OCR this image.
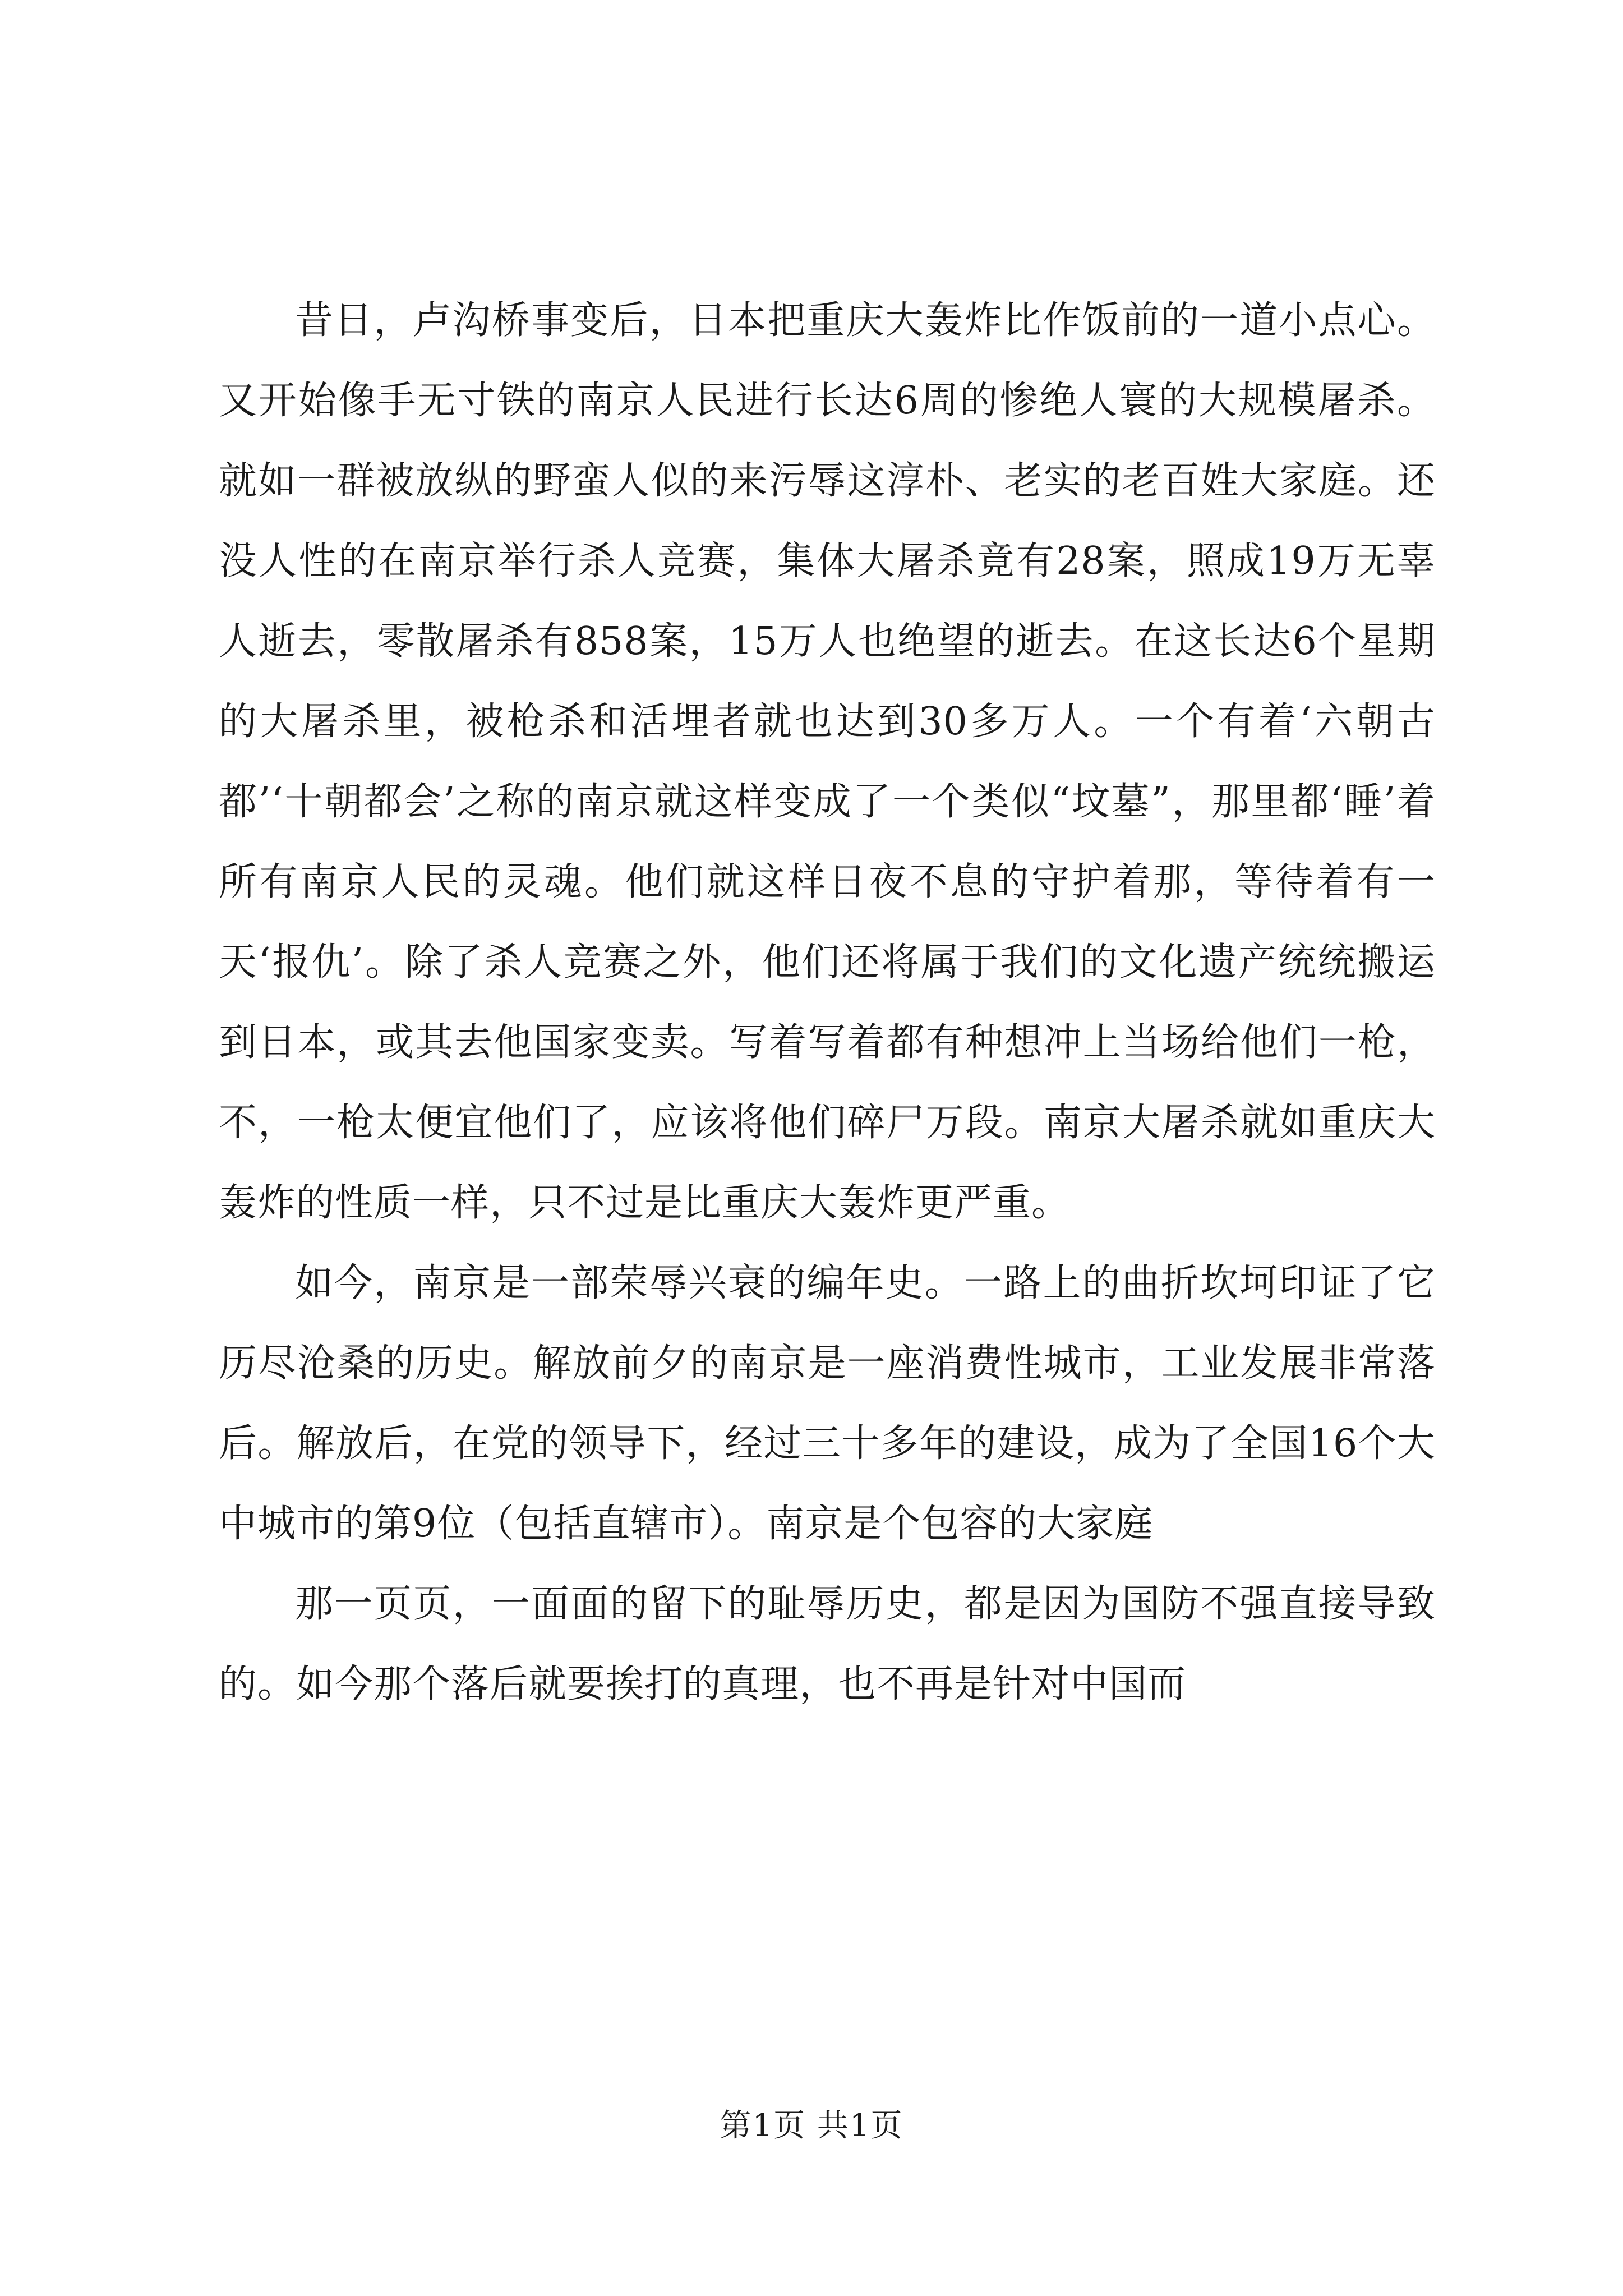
昔日，卢沟桥事变后，日本把重庆大轰炸比作饭前的一道小点心。又开始像手无寸铁的南京人民进行长达6周的惨绝人寰的大规模屠杀。就如一群被放纵的野蛮人似的来污辱这淳朴、老实的老百姓大家庭。还没人性的在南京举行杀人竞赛，集体大屠杀竟有28案，照成19万无辜人逝去，零散屠杀有858案，15万人也绝望的逝去。在这长达6个星期的大屠杀里，被枪杀和活埋者就也达到30多万人。一个有着‘六朝古都’‘十朝都会’之称的南京就这样变成了一个类似“坟墓”，那里都‘睡’着所有南京人民的灵魂。他们就这样日夜不息的守护着那，等待着有一天‘报仇’。除了杀人竞赛之外，他们还将属于我们的文化遗产统统搬运到日本，或其去他国家变卖。写着写着都有种想冲上当场给他们一枪，不，一枪太便宜他们了，应该将他们碎尸万段。南京大屠杀就如重庆大轰炸的性质一样，只不过是比重庆大轰炸更严重。

如今，南京是一部荣辱兴衰的编年史。一路上的曲折坎坷印证了它历尽沧桑的历史。解放前夕的南京是一座消费性城市，工业发展非常落后。解放后，在党的领导下，经过三十多年的建设，成为了全国16个大中城市的第9位（包括直辖市）。南京是个包容的大家庭

那一页页，一面面的留下的耻辱历史，都是因为国防不强直接导致的。如今那个落后就要挨打的真理，也不再是针对中国而

第1页 共1页
